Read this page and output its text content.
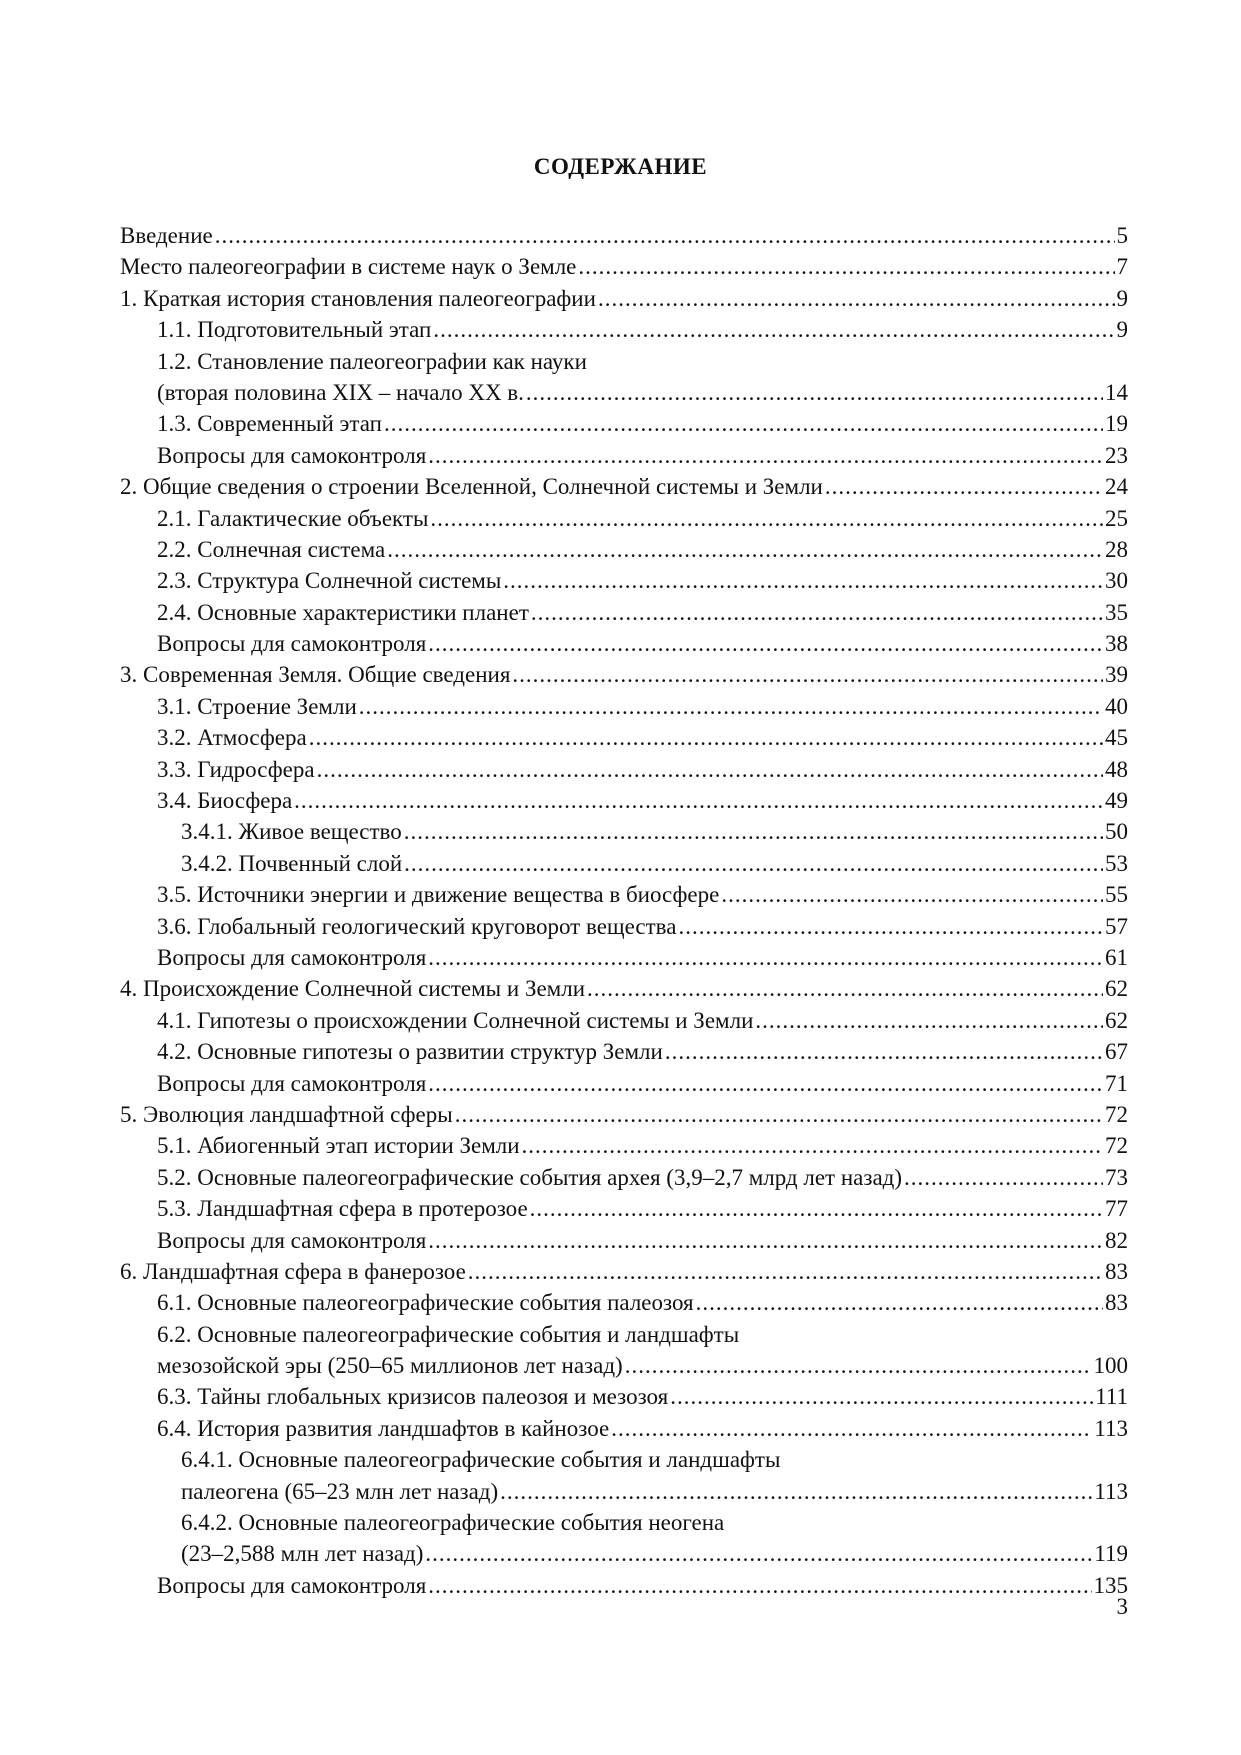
СОДЕРЖАНИЕ
Введение .....	5
Место палеогеографии в системе наук о Земле .....	7
1. Краткая история становления палеогеографии .....	9
1.1. Подготовительный этап .....	9
1.2. Становление палеогеографии как науки
(вторая половина XIX – начало XX в. .....	14
1.3. Современный этап .....	19
Вопросы для самоконтроля .....	23
2. Общие сведения о строении Вселенной, Солнечной системы и Земли .....	24
2.1. Галактические объекты .....	25
2.2. Солнечная система .....	28
2.3. Структура Солнечной системы .....	30
2.4. Основные характеристики планет .....	35
Вопросы для самоконтроля .....	38
3. Современная Земля. Общие сведения .....	39
3.1. Строение Земли .....	40
3.2. Атмосфера .....	45
3.3. Гидросфера .....	48
3.4. Биосфера .....	49
3.4.1. Живое вещество .....	50
3.4.2. Почвенный слой .....	53
3.5. Источники энергии и движение вещества в биосфере .....	55
3.6. Глобальный геологический круговорот вещества .....	57
Вопросы для самоконтроля .....	61
4. Происхождение Солнечной системы и Земли .....	62
4.1. Гипотезы о происхождении Солнечной системы и Земли .....	62
4.2. Основные гипотезы о развитии структур Земли .....	67
Вопросы для самоконтроля .....	71
5. Эволюция ландшафтной сферы .....	72
5.1. Абиогенный этап истории Земли .....	72
5.2. Основные палеогеографические события архея (3,9–2,7 млрд лет назад) .....	73
5.3. Ландшафтная сфера в протерозое .....	77
Вопросы для самоконтроля .....	82
6. Ландшафтная сфера в фанерозое .....	83
6.1. Основные палеогеографические события палеозоя .....	83
6.2. Основные палеогеографические события и ландшафты
мезозойской эры (250–65 миллионов лет назад) .....	100
6.3. Тайны глобальных кризисов палеозоя и мезозоя .....	111
6.4. История развития ландшафтов в кайнозое .....	113
6.4.1. Основные палеогеографические события и ландшафты
палеогена (65–23 млн лет назад) .....	113
6.4.2. Основные палеогеографические события неогена
(23–2,588 млн лет назад) .....	119
Вопросы для самоконтроля .....	135
3
